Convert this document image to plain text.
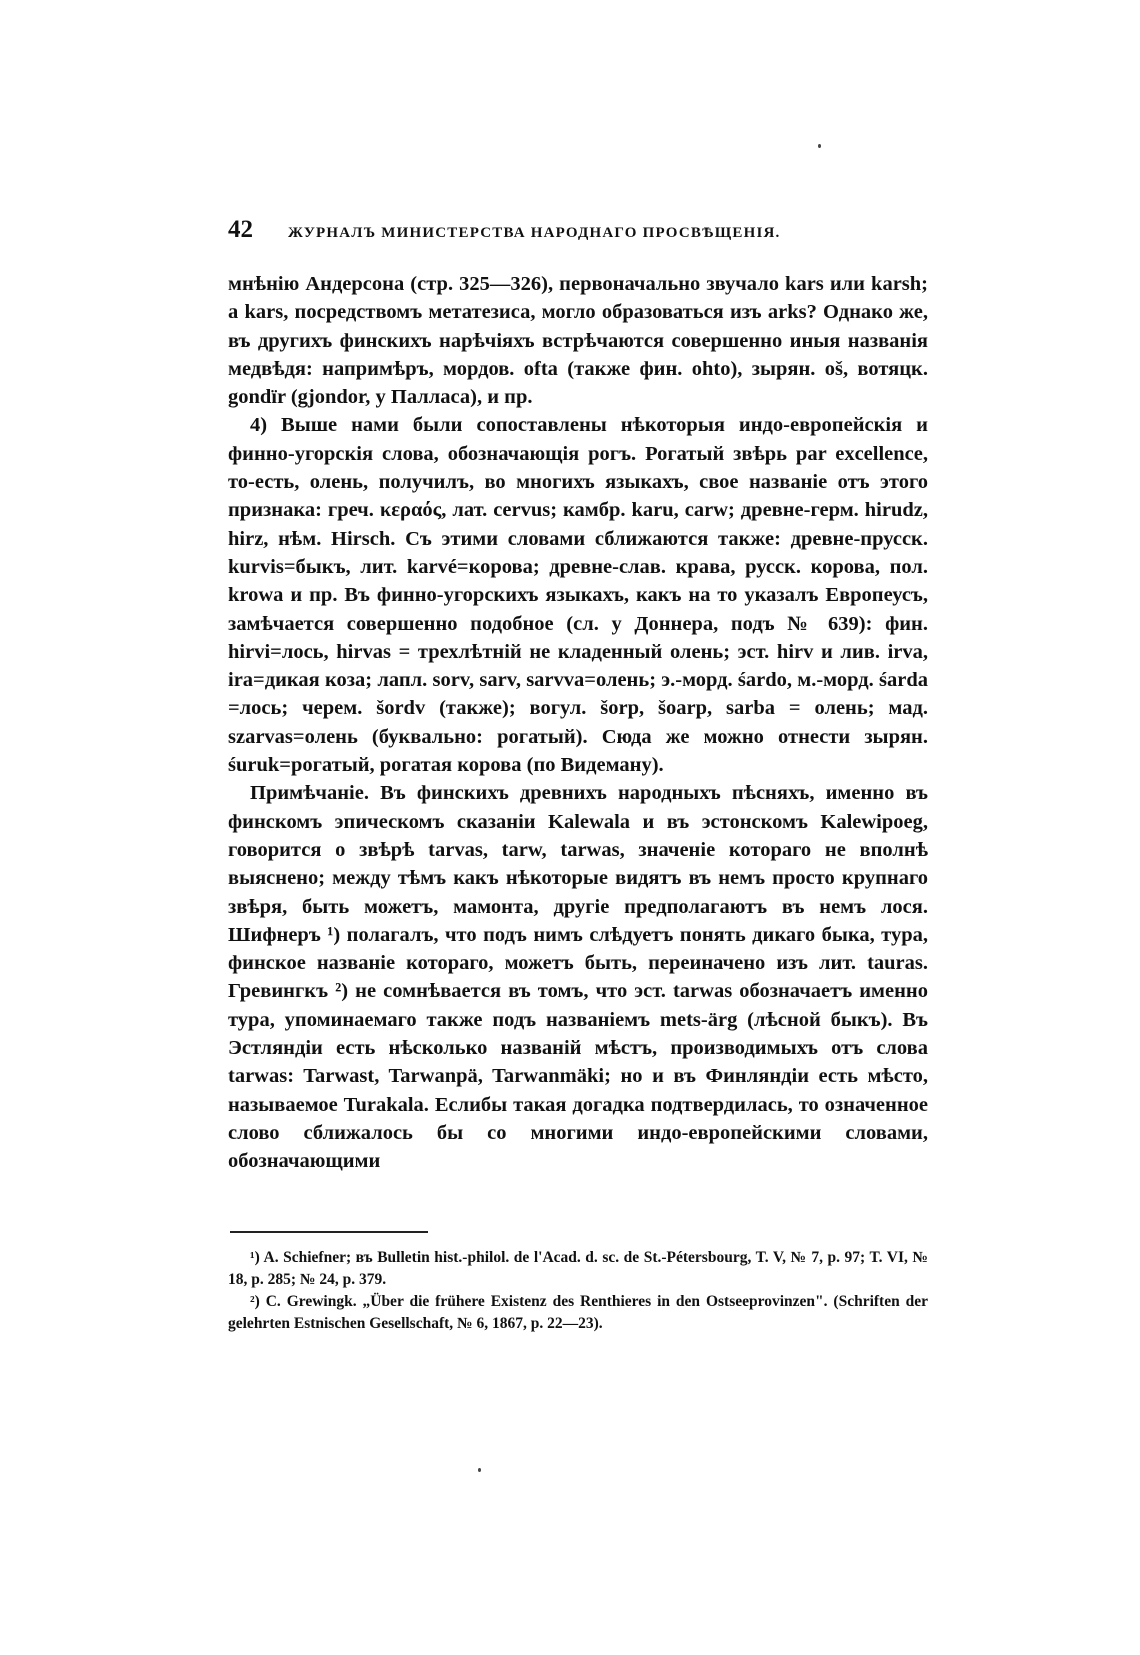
42	ЖУРНАЛЪ МИНИСТЕРСТВА НАРОДНАГО ПРОСВѢЩЕНІЯ.

мнѣнію Андерсона (стр. 325—326), первоначально звучало kars или karsh; a kars, посредствомъ метатезиса, могло образоваться изъ arks? Однако же, въ другихъ финскихъ нарѣчіяхъ встрѣчаются совершенно иныя названія медвѣдя: напримѣръ, мордов. ofta (также фин. ohto), зырян. oš, вотяцк. gondïr (gjondor, у Палласа), и пр.

4) Выше нами были сопоставлены нѣкоторыя индо-европейскія и финно-угорскія слова, обозначающія рогъ. Рогатый звѣрь par excellence, то-есть, олень, получилъ, во многихъ языкахъ, свое названіе отъ этого признака: греч. κεραός, лат. cervus; камбр. karu, carw; древне-герм. hirudz, hirz, нѣм. Hirsch. Съ этими словами сближаются также: древне-прусск. kurvis=быкъ, лит. karvé=корова; древне-слав. крава, русск. корова, пол. krowa и пр. Въ финно-угорскихъ языкахъ, какъ на то указалъ Европеусъ, замѣчается совершенно подобное (сл. у Доннера, подъ № 639): фин. hirvi=лось, hirvas = трехлѣтній не кладенный олень; эст. hirv и лив. irva, ira=дикая коза; лапл. sorv, sarv, sarvva=олень; э.-морд. śardo, м.-морд. śarda =лось; черем. šordv (также); вогул. šorp, šoarp, sarba = олень; мад. szarvas=олень (буквально: рогатый). Сюда же можно отнести зырян. śuruk=рогатый, рогатая корова (по Видеману).

Примѣчаніе. Въ финскихъ древнихъ народныхъ пѣсняхъ, именно въ финскомъ эпическомъ сказаніи Kalewala и въ эстонскомъ Kalewipoeg, говорится о звѣрѣ tarvas, tarw, tarwas, значеніе котораго не вполнѣ выяснено; между тѣмъ какъ нѣкоторые видятъ въ немъ просто крупнаго звѣря, быть можетъ, мамонта, другіе предполагаютъ въ немъ лося. Шифнеръ ¹) полагалъ, что подъ нимъ слѣдуетъ понять дикаго быка, тура, финское названіе котораго, можетъ быть, переиначено изъ лит. tauras. Гревингкъ ²) не сомнѣвается въ томъ, что эст. tarwas обозначаетъ именно тура, упоминаемаго также подъ названіемъ mets-ärg (лѣсной быкъ). Въ Эстляндіи есть нѣсколько названій мѣстъ, производимыхъ отъ слова tarwas: Tarwast, Tarwanpä, Tarwanmäki; но и въ Финляндіи есть мѣсто, называемое Turakala. Еслибы такая догадка подтвердилась, то означенное слово сближалось бы со многими индо-европейскими словами, обозначающими

¹) A. Schiefner; въ Bulletin hist.-philol. de l'Acad. d. sc. de St.-Pétersbourg, T. V, № 7, p. 97; T. VI, № 18, p. 285; № 24, p. 379.

²) C. Grewingk. „Über die frühere Existenz des Renthieres in den Ostseeprovinzen". (Schriften der gelehrten Estnischen Gesellschaft, № 6, 1867, p. 22—23).
